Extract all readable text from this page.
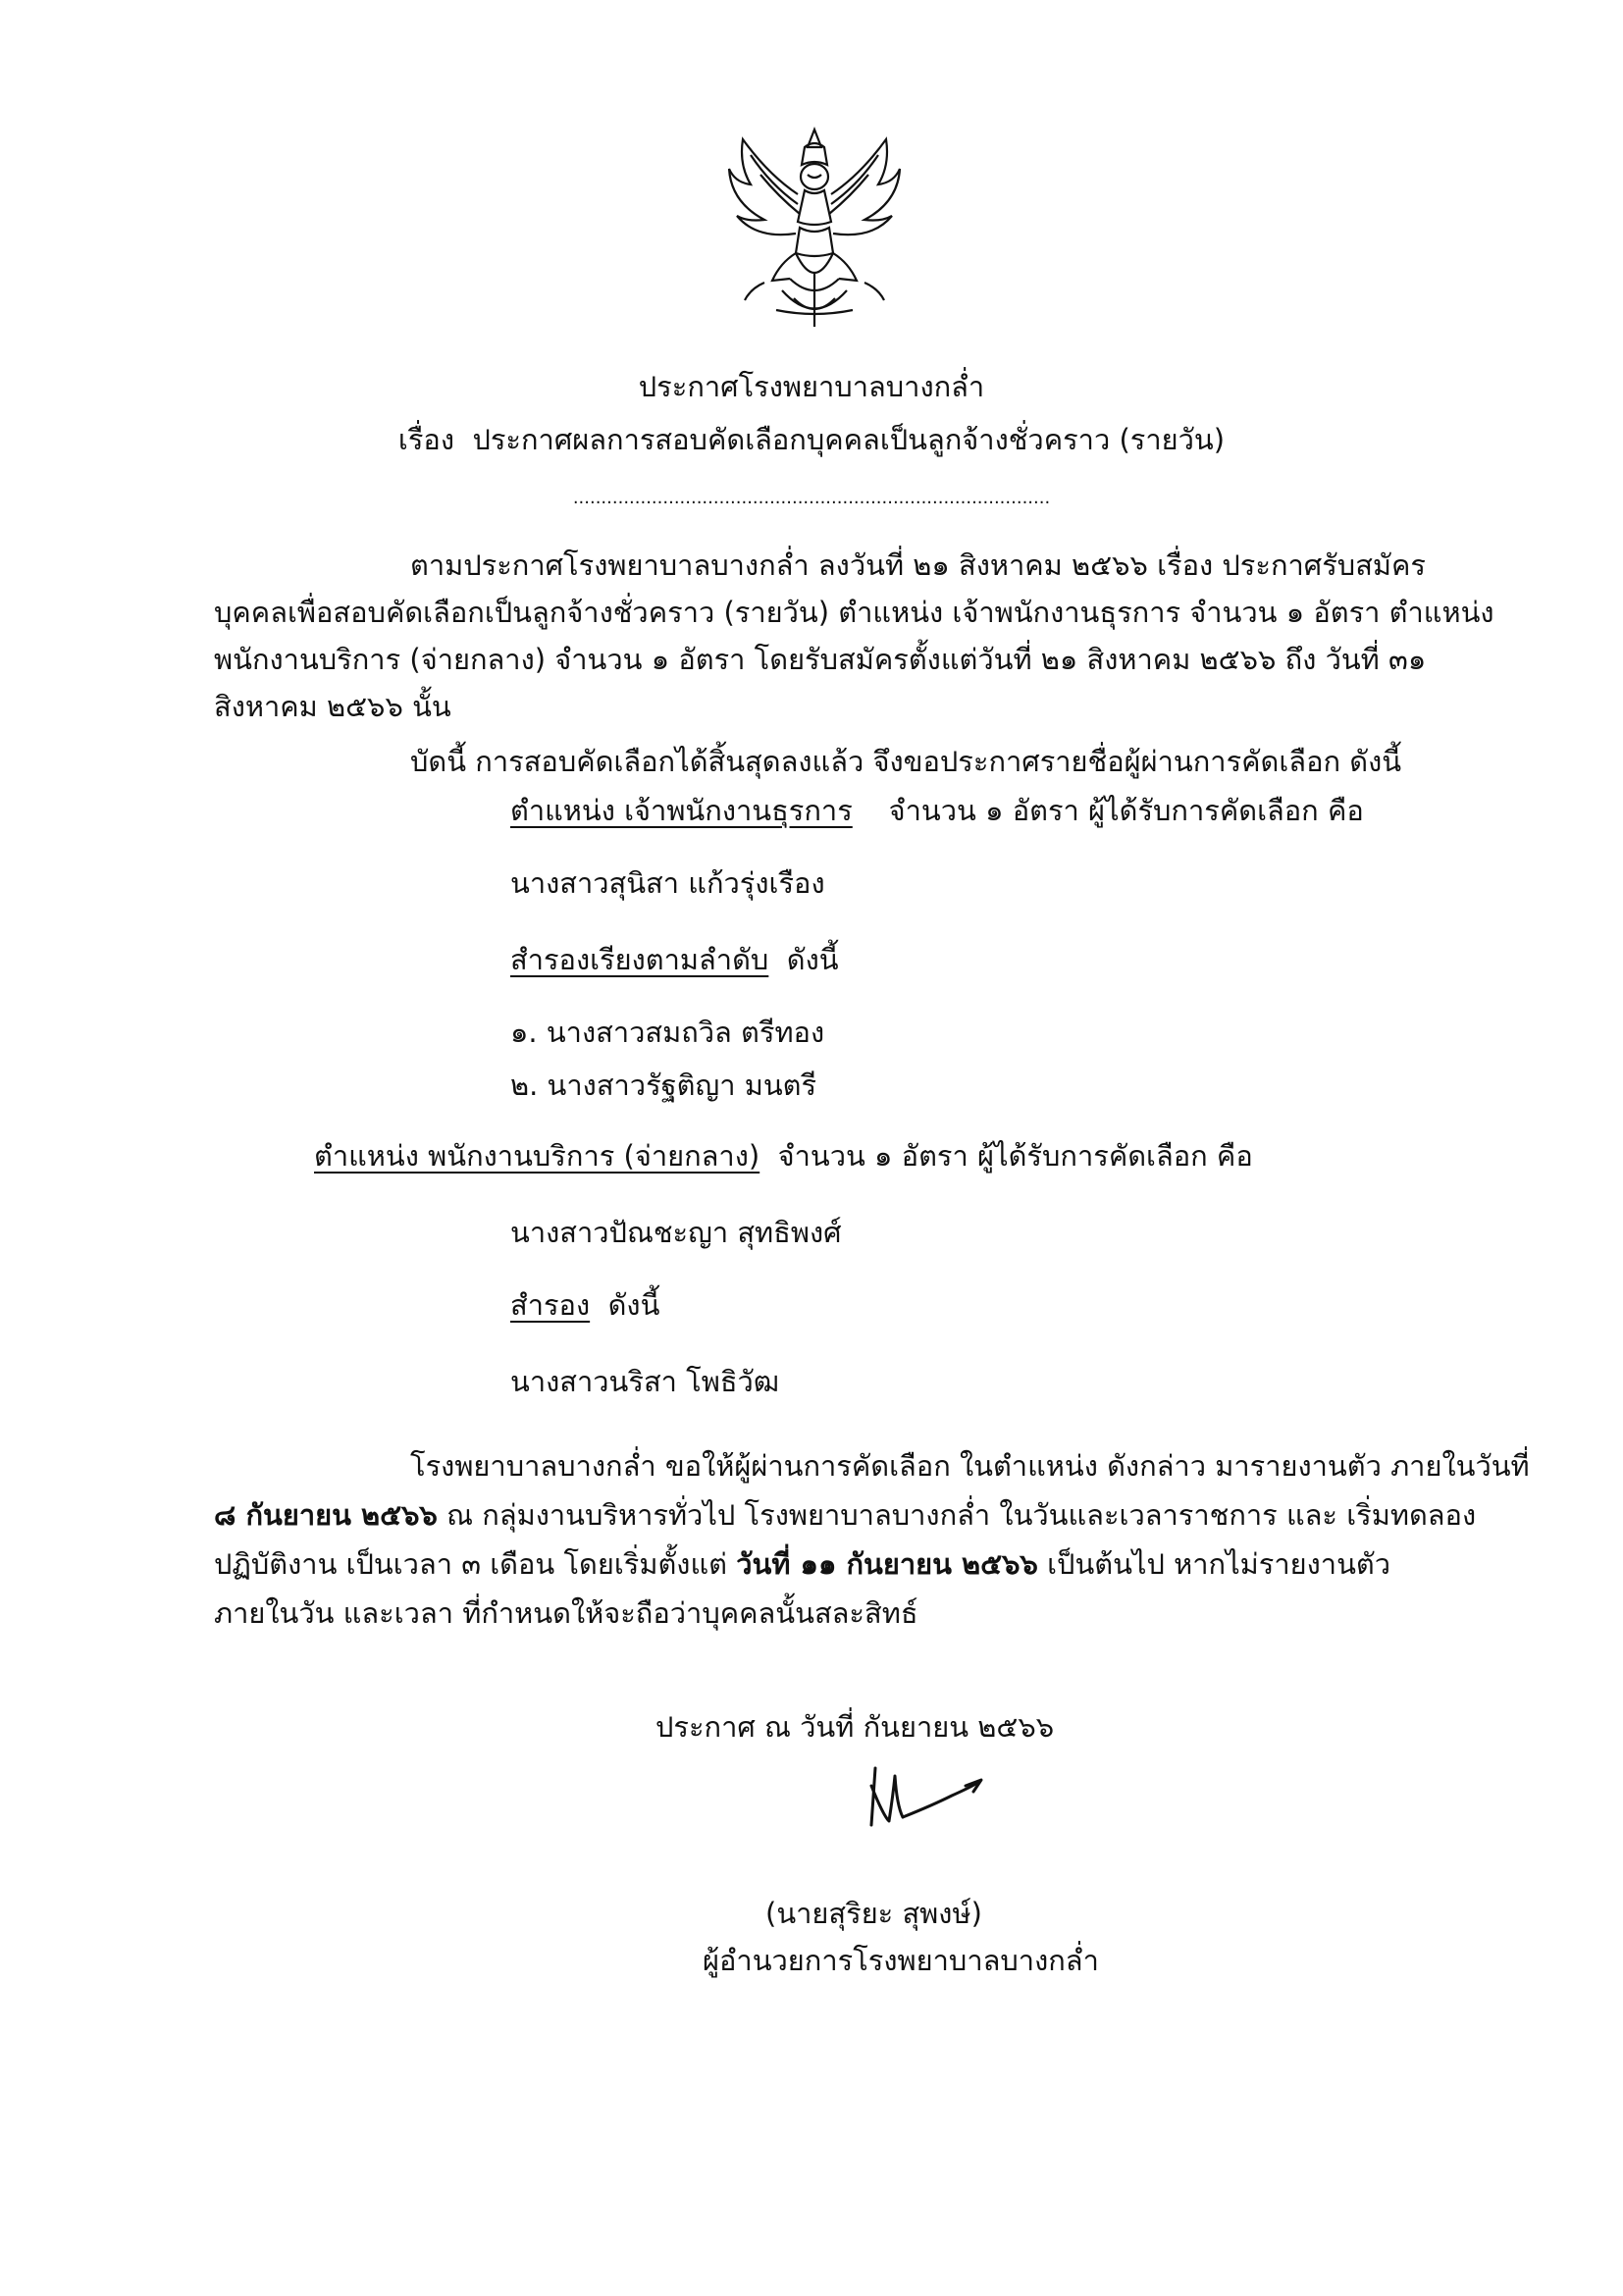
ประกาศโรงพยาบาลบางกล่ำ
เรื่อง ประกาศผลการสอบคัดเลือกบุคคลเป็นลูกจ้างชั่วคราว (รายวัน)
.....................................................................................
ตามประกาศโรงพยาบาลบางกล่ำ ลงวันที่ ๒๑ สิงหาคม ๒๕๖๖ เรื่อง ประกาศรับสมัคร
บุคคลเพื่อสอบคัดเลือกเป็นลูกจ้างชั่วคราว (รายวัน) ตำแหน่ง เจ้าพนักงานธุรการ จำนวน ๑ อัตรา ตำแหน่ง
พนักงานบริการ (จ่ายกลาง) จำนวน ๑ อัตรา โดยรับสมัครตั้งแต่วันที่ ๒๑ สิงหาคม ๒๕๖๖ ถึง วันที่ ๓๑
สิงหาคม ๒๕๖๖ นั้น
บัดนี้ การสอบคัดเลือกได้สิ้นสุดลงแล้ว จึงขอประกาศรายชื่อผู้ผ่านการคัดเลือก ดังนี้
ตำแหน่ง เจ้าพนักงานธุรการ จำนวน ๑ อัตรา ผู้ได้รับการคัดเลือก คือ
นางสาวสุนิสา แก้วรุ่งเรือง
สำรองเรียงตามลำดับ ดังนี้
๑. นางสาวสมถวิล ตรีทอง
๒. นางสาวรัฐติญา มนตรี
ตำแหน่ง พนักงานบริการ (จ่ายกลาง) จำนวน ๑ อัตรา ผู้ได้รับการคัดเลือก คือ
นางสาวปัณชะญา สุทธิพงศ์
สำรอง ดังนี้
นางสาวนริสา โพธิวัฒ
โรงพยาบาลบางกล่ำ ขอให้ผู้ผ่านการคัดเลือก ในตำแหน่ง ดังกล่าว มารายงานตัว ภายในวันที่
๘ กันยายน ๒๕๖๖ ณ กลุ่มงานบริหารทั่วไป โรงพยาบาลบางกล่ำ ในวันและเวลาราชการ และ เริ่มทดลอง
ปฏิบัติงาน เป็นเวลา ๓ เดือน โดยเริ่มตั้งแต่ วันที่ ๑๑ กันยายน ๒๕๖๖ เป็นต้นไป หากไม่รายงานตัว
ภายในวัน และเวลา ที่กำหนดให้จะถือว่าบุคคลนั้นสละสิทธ์
ประกาศ ณ วันที่ กันยายน ๒๕๖๖
(นายสุริยะ สุพงษ์)
ผู้อำนวยการโรงพยาบาลบางกล่ำ
